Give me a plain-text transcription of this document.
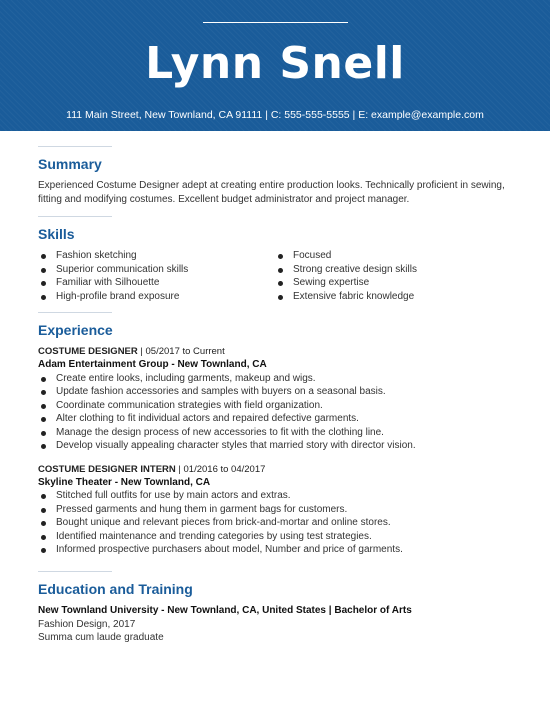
Lynn Snell
111 Main Street, New Townland, CA 91111 | C: 555-555-5555 | E: example@example.com
Summary
Experienced Costume Designer adept at creating entire production looks. Technically proficient in sewing, fitting and modifying costumes. Excellent budget administrator and project manager.
Skills
Fashion sketching
Superior communication skills
Familiar with Silhouette
High-profile brand exposure
Focused
Strong creative design skills
Sewing expertise
Extensive fabric knowledge
Experience
COSTUME DESIGNER | 05/2017 to Current
Adam Entertainment Group - New Townland, CA
Create entire looks, including garments, makeup and wigs.
Update fashion accessories and samples with buyers on a seasonal basis.
Coordinate communication strategies with field organization.
Alter clothing to fit individual actors and repaired defective garments.
Manage the design process of new accessories to fit with the clothing line.
Develop visually appealing character styles that married story with director vision.
COSTUME DESIGNER INTERN | 01/2016 to 04/2017
Skyline Theater - New Townland, CA
Stitched full outfits for use by main actors and extras.
Pressed garments and hung them in garment bags for customers.
Bought unique and relevant pieces from brick-and-mortar and online stores.
Identified maintenance and trending categories by using test strategies.
Informed prospective purchasers about model, Number and price of garments.
Education and Training
New Townland University - New Townland, CA, United States | Bachelor of Arts
Fashion Design, 2017
Summa cum laude graduate
